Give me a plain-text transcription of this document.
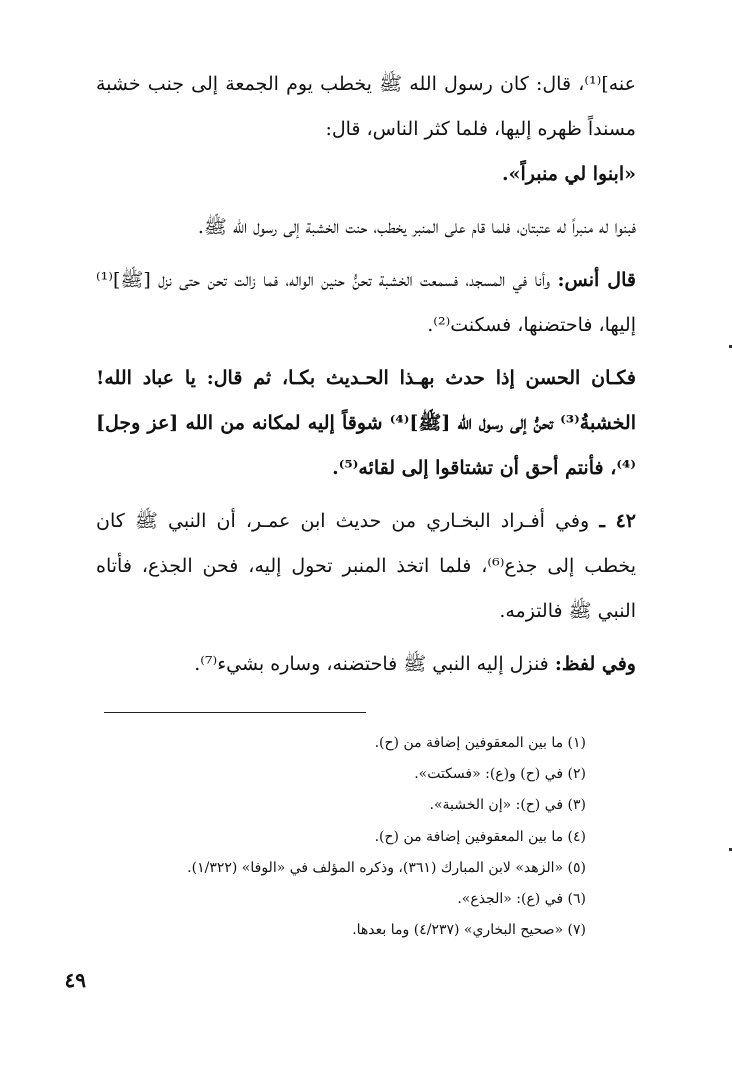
عنه]⁽¹⁾، قال: كان رسول الله ﷺ يخطب يوم الجمعة إلى جنب خشبة مسنداً ظهره إليها، فلما كثر الناس، قال:

«ابنوا لي منبراً».

فبنوا له منبراً له عتبتان، فلما قام على المنبر يخطب، حنت الخشبة إلى رسول الله ﷺ.

قال أنس: وأنا في المسجد، فسمعت الخشبة تحنُّ حنين الواله، فما زالت تحن حتى نزل [ﷺ]⁽¹⁾ إليها، فاحتضنها، فسكنت⁽²⁾.

فكـان الحسن إذا حدث بهـذا الحـديث بكـا، ثم قال: يا عباد الله! الخشبةُ⁽³⁾ تحنُّ إلى رسول الله [ﷺ]⁽⁴⁾ شوقاً إليه لمكانه من الله [عز وجل]⁽⁴⁾، فأنتم أحق أن تشتاقوا إلى لقائه⁽⁵⁾.

٤٢ ـ وفي أفـراد البخـاري من حديث ابن عمـر، أن النبي ﷺ كان يخطب إلى جذع⁽⁶⁾، فلما اتخذ المنبر تحول إليه، فحن الجذع، فأتاه النبي ﷺ فالتزمه.

وفي لفظ: فنزل إليه النبي ﷺ فاحتضنه، وساره بشيء⁽⁷⁾.

(١) ما بين المعقوفين إضافة من (ح).

(٢) في (ح) و(ع): «فسكتت».

(٣) في (ح): «إن الخشبة».

(٤) ما بين المعقوفين إضافة من (ح).

(٥) «الزهد» لابن المبارك (٣٦١)، وذكره المؤلف في «الوفا» (١/٣٢٢).

(٦) في (ع): «الجذع».

(٧) «صحيح البخاري» (٤/٢٣٧) وما بعدها.

٤٩
